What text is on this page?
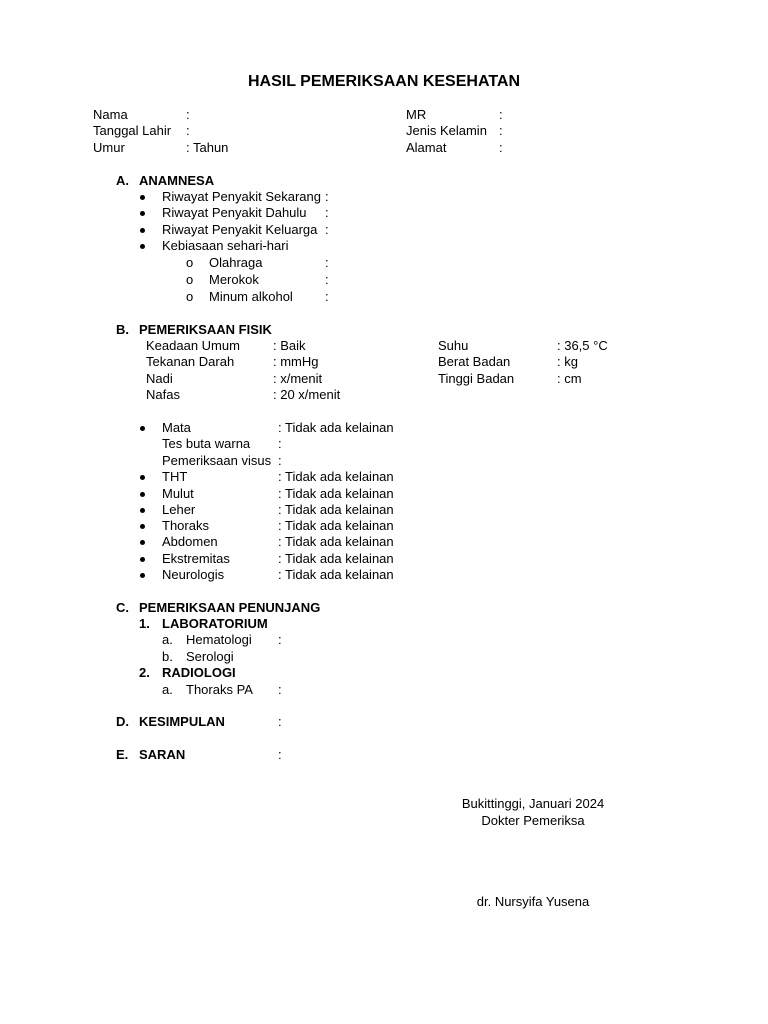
HASIL PEMERIKSAAN KESEHATAN
Nama	:
Tanggal Lahir :
Umur	: Tahun
MR	:
Jenis Kelamin :
Alamat	:
A. ANAMNESA
Riwayat Penyakit Sekarang :
Riwayat Penyakit Dahulu :
Riwayat Penyakit Keluarga :
Kebiasaan sehari-hari
o Olahraga	:
o Merokok	:
o Minum alkohol :
B. PEMERIKSAAN FISIK
Keadaan Umum	: Baik
Tekanan Darah	: mmHg
Nadi	: x/menit
Nafas	: 20 x/menit
Suhu	: 36,5 °C
Berat Badan	: kg
Tinggi Badan	: cm
Mata	: Tidak ada kelainan
Tes buta warna :
Pemeriksaan visus :
THT	: Tidak ada kelainan
Mulut	: Tidak ada kelainan
Leher	: Tidak ada kelainan
Thoraks	: Tidak ada kelainan
Abdomen	: Tidak ada kelainan
Ekstremitas	: Tidak ada kelainan
Neurologis	: Tidak ada kelainan
C. PEMERIKSAAN PENUNJANG
1. LABORATORIUM
a. Hematologi :
b. Serologi
2. RADIOLOGI
a. Thoraks PA :
D. KESIMPULAN	:
E. SARAN	:
Bukittinggi, Januari 2024
Dokter Pemeriksa
dr. Nursyifa Yusena
